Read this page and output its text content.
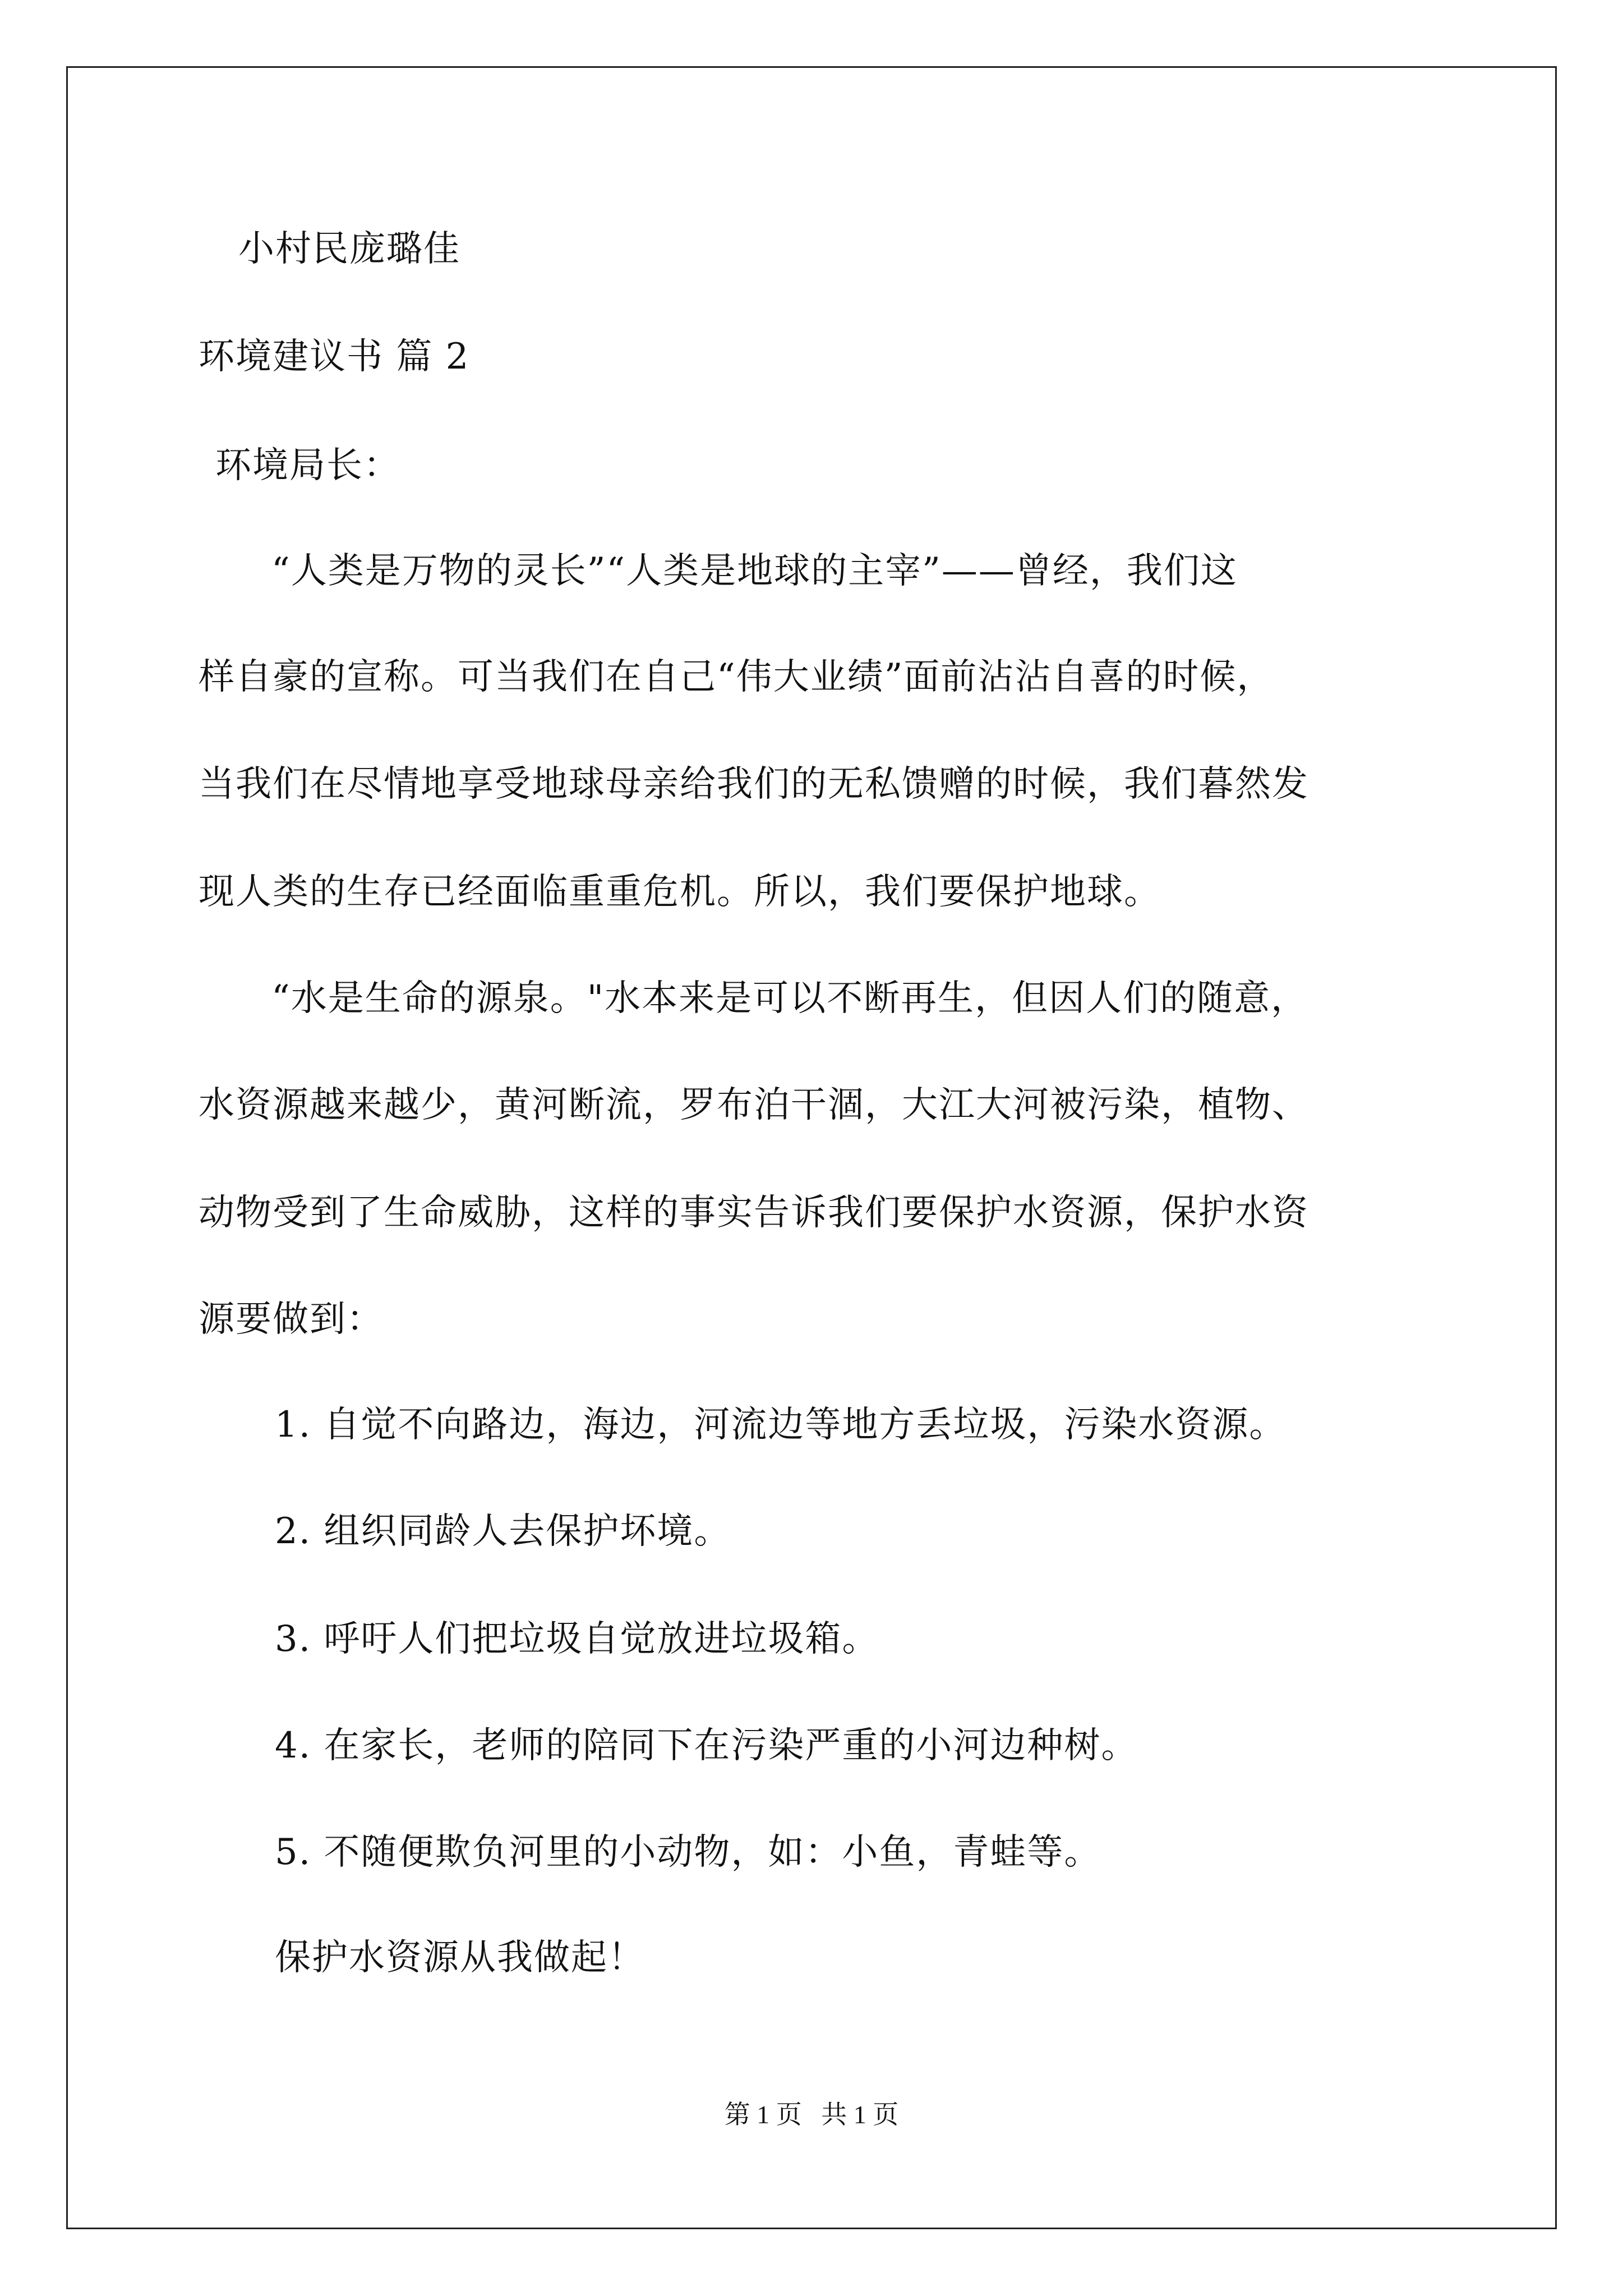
小村民庞璐佳
环境建议书 篇 2
环境局长：
“人类是万物的灵长”“人类是地球的主宰”——曾经，我们这
样自豪的宣称。可当我们在自己“伟大业绩”面前沾沾自喜的时候，
当我们在尽情地享受地球母亲给我们的无私馈赠的时候，我们暮然发
现人类的生存已经面临重重危机。所以，我们要保护地球。
“水是生命的源泉。"水本来是可以不断再生，但因人们的随意，
水资源越来越少，黄河断流，罗布泊干涸，大江大河被污染，植物、
动物受到了生命威胁，这样的事实告诉我们要保护水资源，保护水资
源要做到：
1. 自觉不向路边，海边，河流边等地方丢垃圾，污染水资源。
2. 组织同龄人去保护坏境。
3. 呼吁人们把垃圾自觉放进垃圾箱。
4. 在家长，老师的陪同下在污染严重的小河边种树。
5. 不随便欺负河里的小动物，如：小鱼，青蛙等。
保护水资源从我做起！
第 1 页   共 1 页
